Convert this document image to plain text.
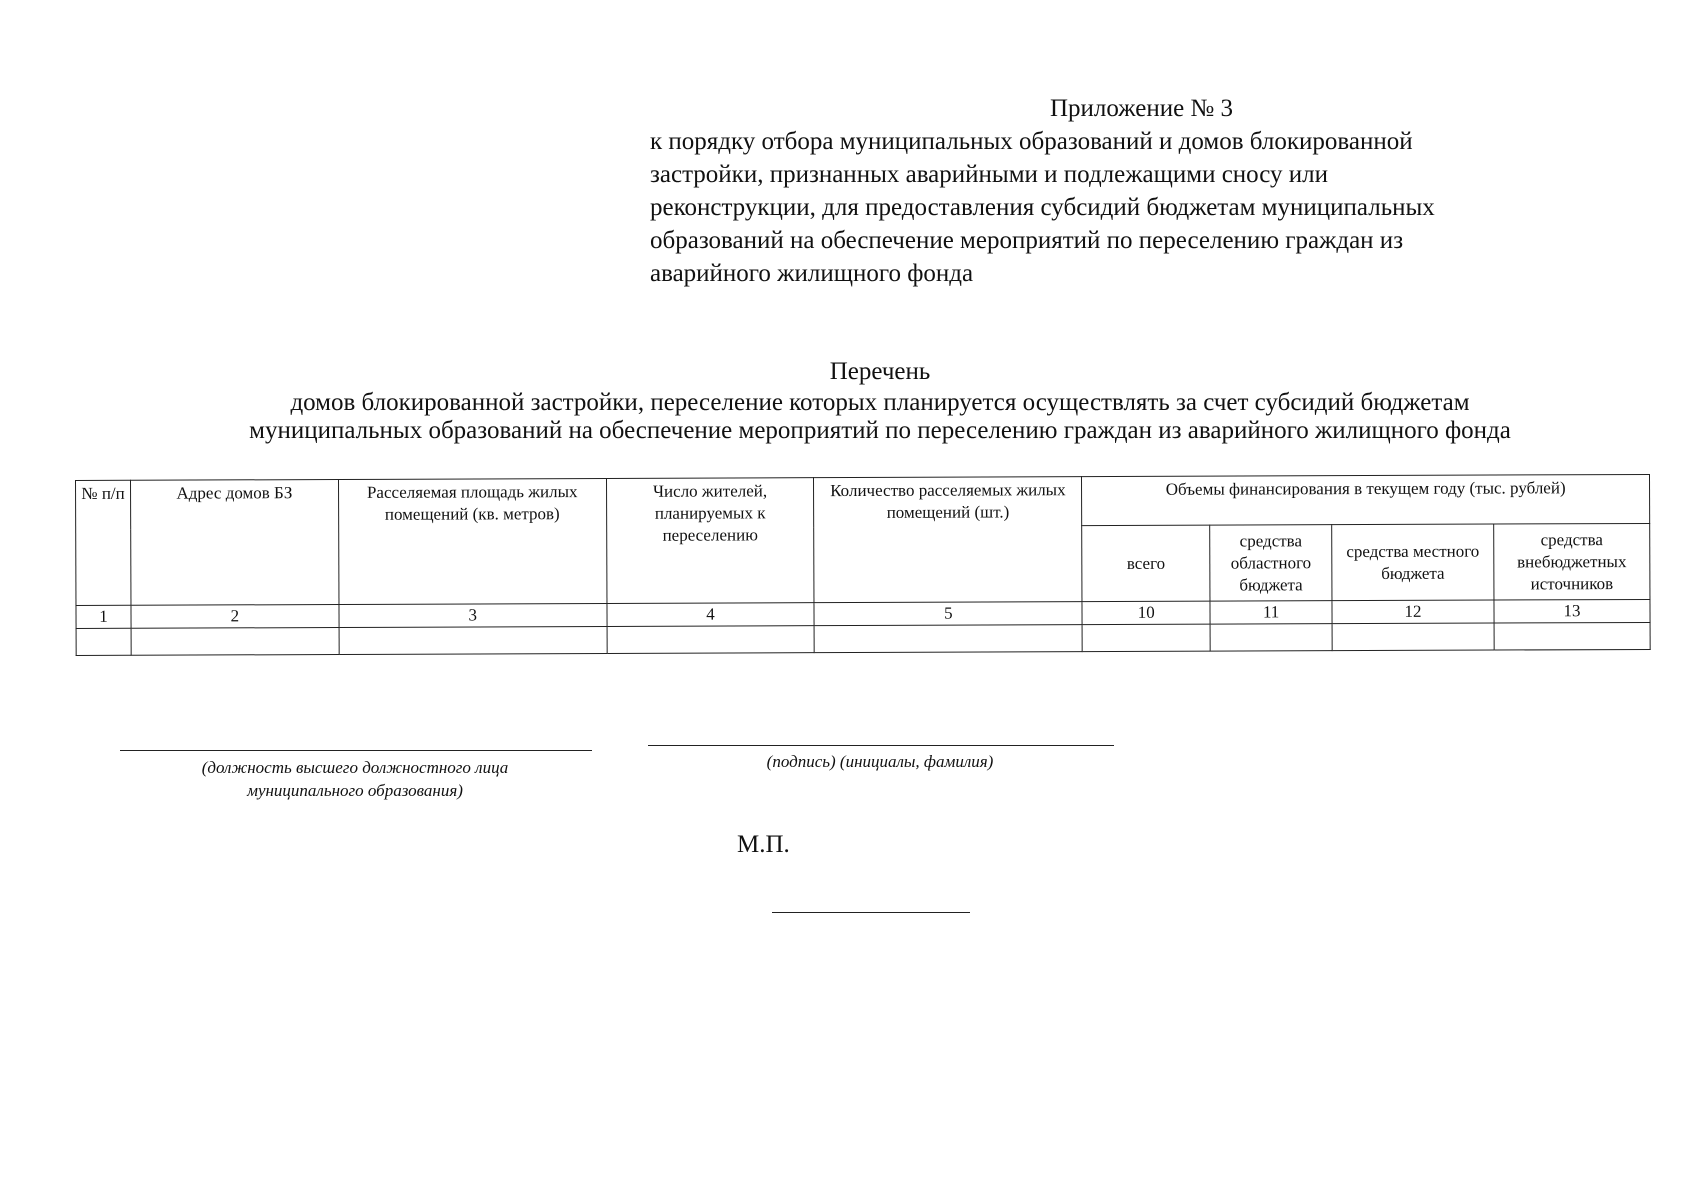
Приложение № 3
к порядку отбора муниципальных образований и домов блокированной
застройки, признанных аварийными и подлежащими сносу или
реконструкции, для предоставления субсидий бюджетам муниципальных
образований на обеспечение мероприятий по переселению граждан из
аварийного жилищного фонда
Перечень
домов блокированной застройки, переселение которых планируется осуществлять за счет субсидий бюджетам
муниципальных образований на обеспечение мероприятий по переселению граждан из аварийного жилищного фонда
№ п/п	Адрес домов БЗ	Расселяемая площадь жилых помещений (кв. метров)	Число жителей, планируемых к переселению	Количество расселяемых жилых помещений (шт.)	Объемы финансирования в текущем году (тыс. рублей)			
					всего	средства областного бюджета	средства местного бюджета	средства внебюджетных источников
1	2	3	4	5	10	11	12	13

(должность высшего должностного лица муниципального образования)
(подпись) (инициалы, фамилия)
М.П.
